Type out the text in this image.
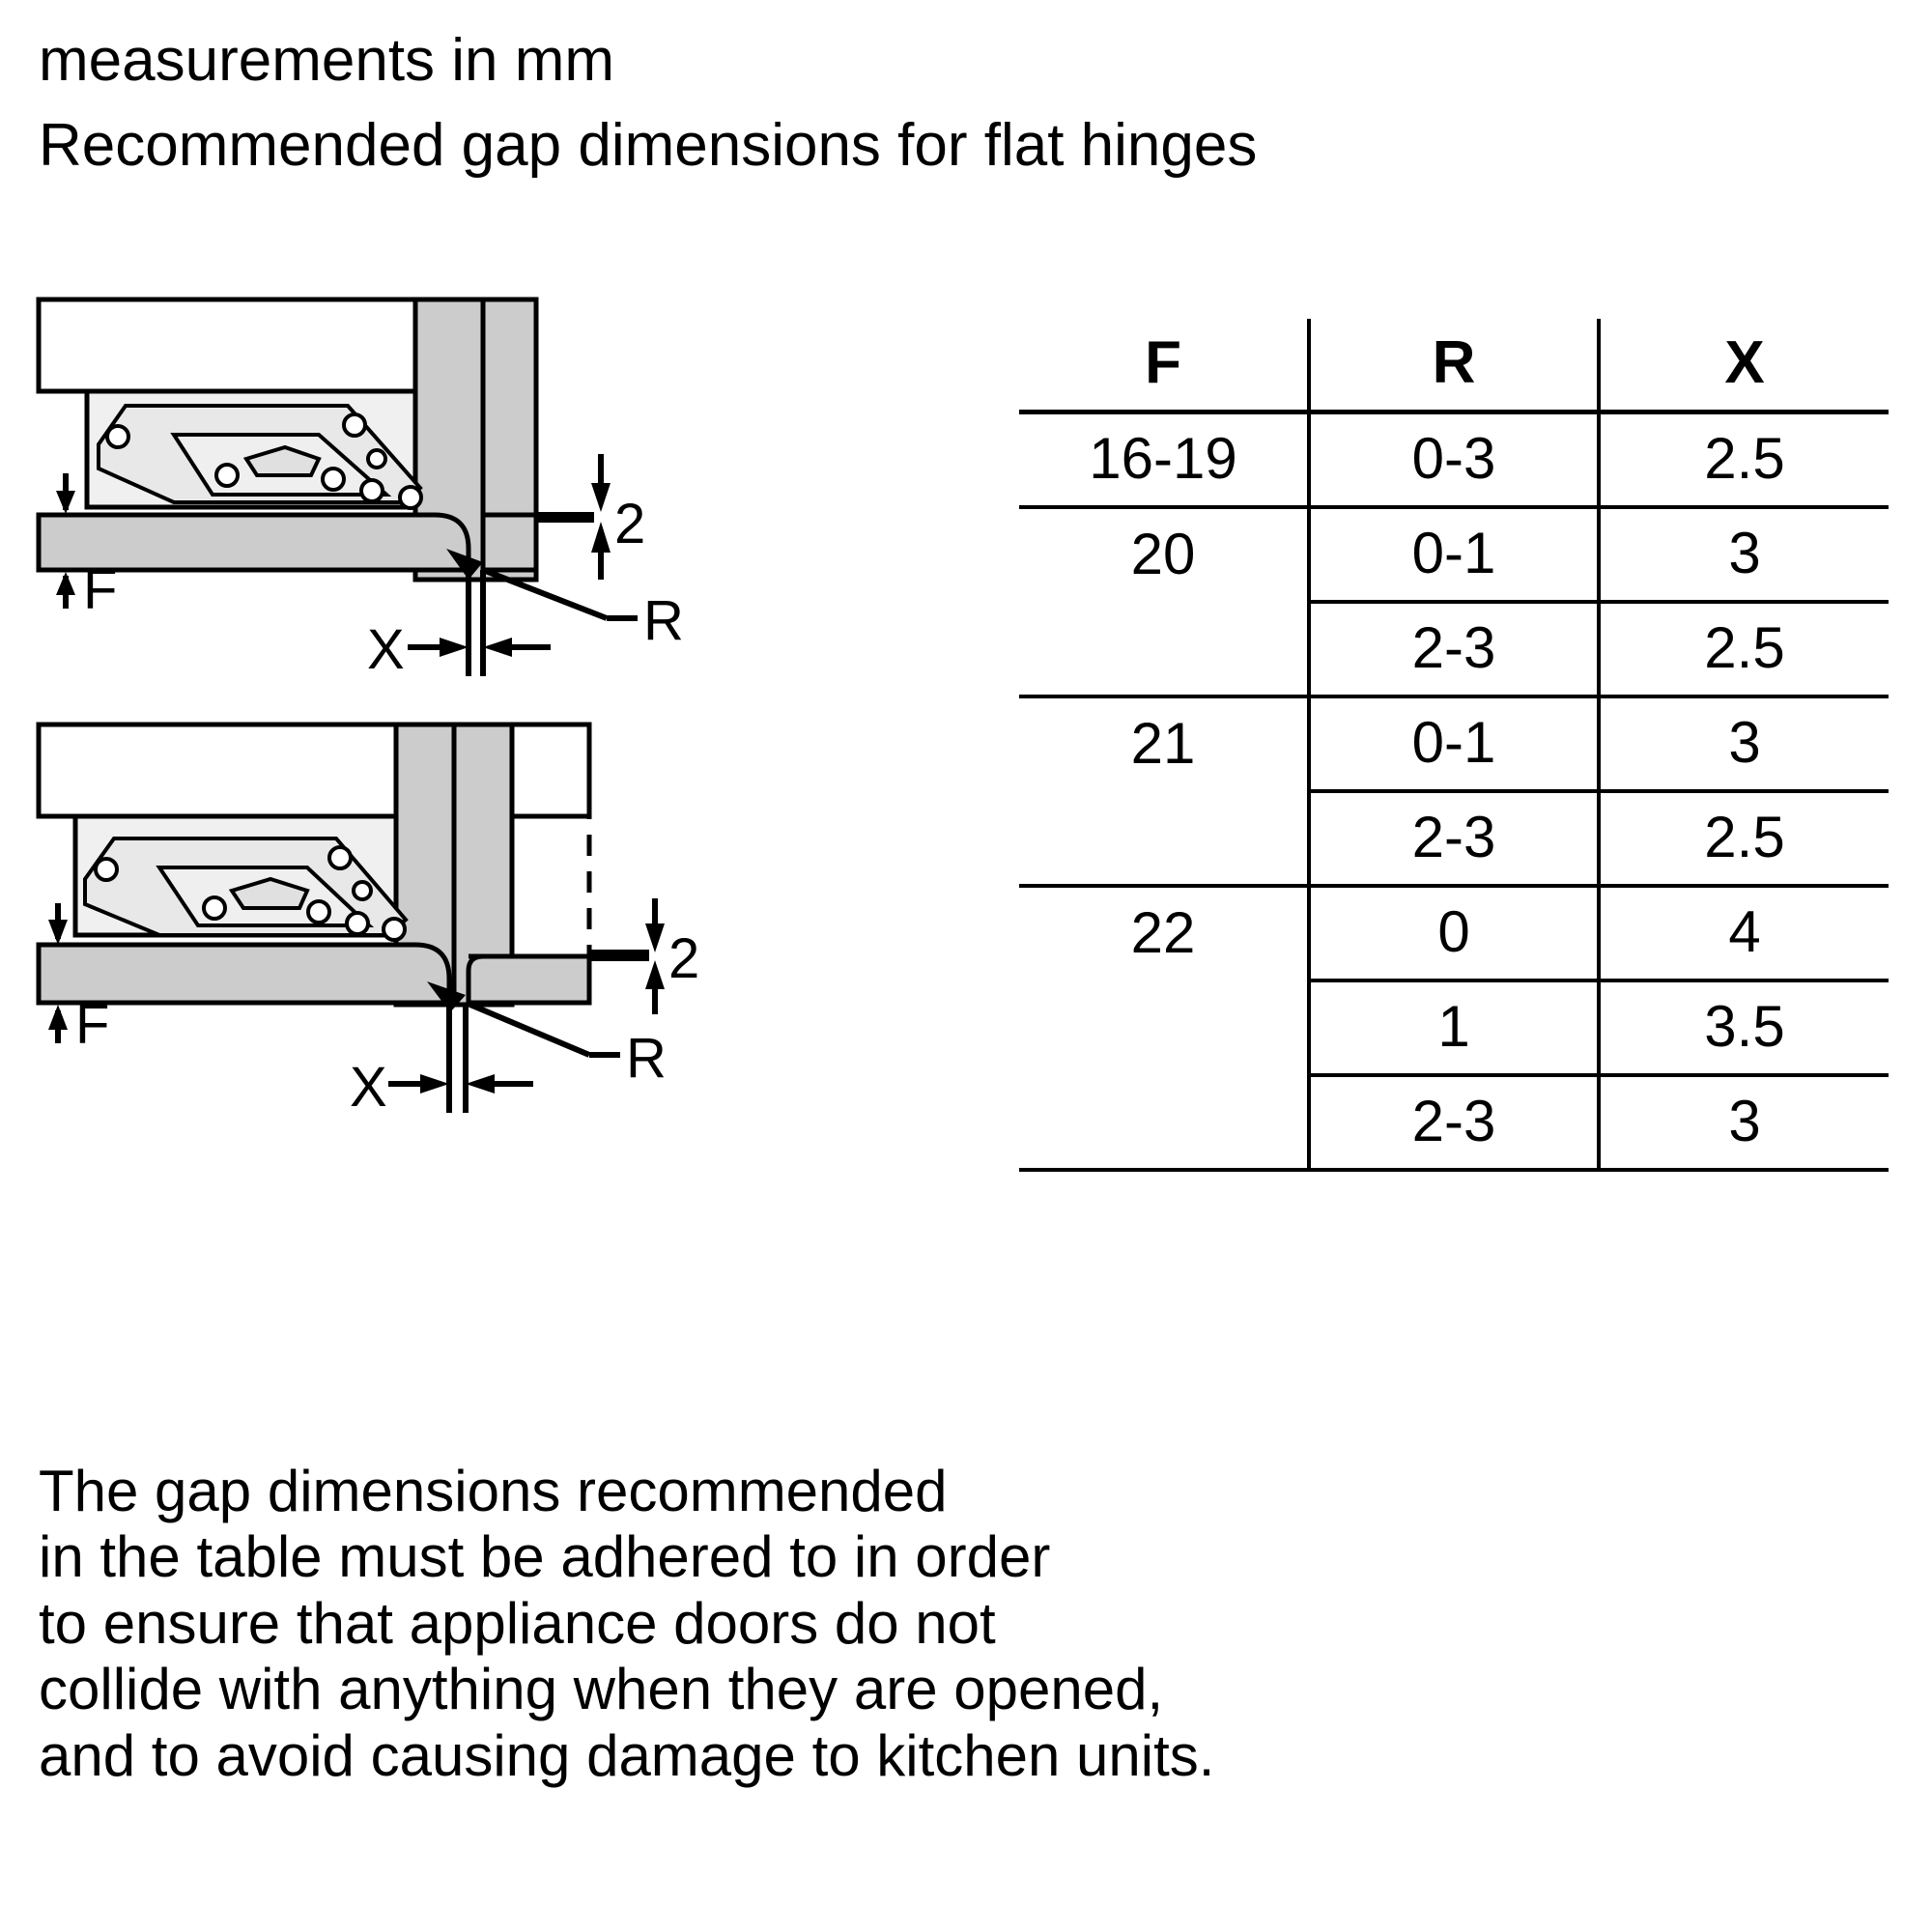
measurements in mm
Recommended gap dimensions for flat hinges
F
2
X	R
F
2
X	R
F	R	X
16-19	0-3	2.5
20	0-1	3
	2-3	2.5
21	0-1	3
	2-3	2.5
22	0	4
	1	3.5
	2-3	3
The gap dimensions recommended
in the table must be adhered to in order
to ensure that appliance doors do not
collide with anything when they are opened,
and to avoid causing damage to kitchen units.
